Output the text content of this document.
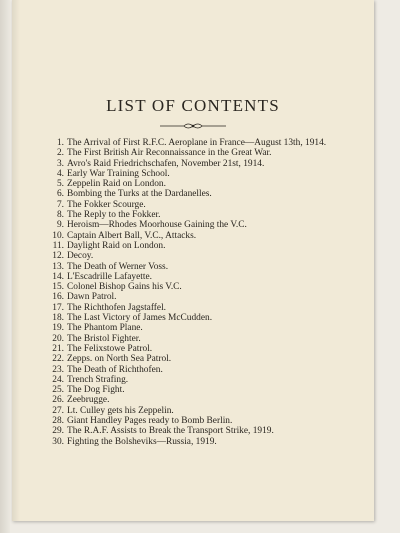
LIST OF CONTENTS
1. The Arrival of First R.F.C. Aeroplane in France—August 13th, 1914.
2. The First British Air Reconnaissance in the Great War.
3. Avro's Raid Friedrichschafen, November 21st, 1914.
4. Early War Training School.
5. Zeppelin Raid on London.
6. Bombing the Turks at the Dardanelles.
7. The Fokker Scourge.
8. The Reply to the Fokker.
9. Heroism—Rhodes Moorhouse Gaining the V.C.
10. Captain Albert Ball, V.C., Attacks.
11. Daylight Raid on London.
12. Decoy.
13. The Death of Werner Voss.
14. L'Escadrille Lafayette.
15. Colonel Bishop Gains his V.C.
16. Dawn Patrol.
17. The Richthofen Jagstaffel.
18. The Last Victory of James McCudden.
19. The Phantom Plane.
20. The Bristol Fighter.
21. The Felixstowe Patrol.
22. Zepps. on North Sea Patrol.
23. The Death of Richthofen.
24. Trench Strafing.
25. The Dog Fight.
26. Zeebrugge.
27. Lt. Culley gets his Zeppelin.
28. Giant Handley Pages ready to Bomb Berlin.
29. The R.A.F. Assists to Break the Transport Strike, 1919.
30. Fighting the Bolsheviks—Russia, 1919.
